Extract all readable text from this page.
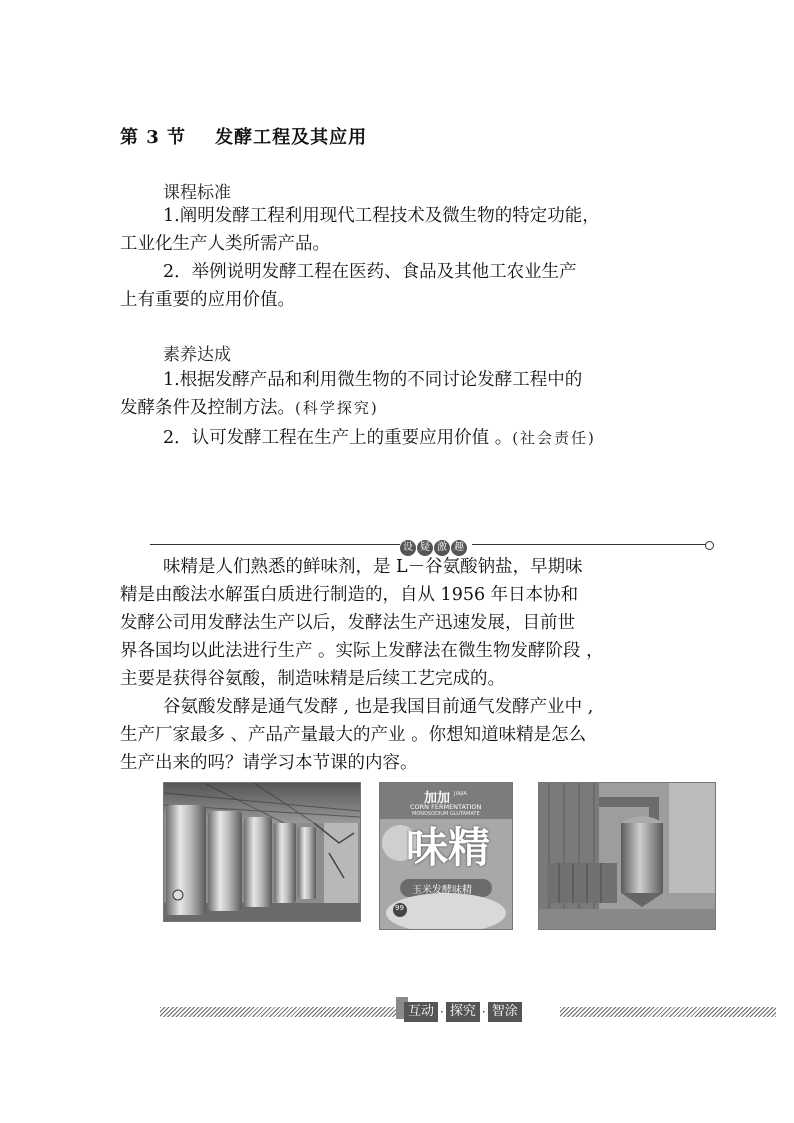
第 3 节 发酵工程及其应用
课程标准
1.阐明发酵工程利用现代工程技术及微生物的特定功能，
工业化生产人类所需产品。
2．举例说明发酵工程在医药、食品及其他工农业生产
上有重要的应用价值。
素养达成
1.根据发酵产品和利用微生物的不同讨论发酵工程中的
发酵条件及控制方法。(科学探究)
2．认可发酵工程在生产上的重要应用价值 。(社会责任)
设 疑 激 趣
味精是人们熟悉的鲜味剂，是 L－谷氨酸钠盐，早期味
精是由酸法水解蛋白质进行制造的，自从 1956 年日本协和
发酵公司用发酵法生产以后，发酵法生产迅速发展，目前世
界各国均以此法进行生产 。实际上发酵法在微生物发酵阶段 ，
主要是获得谷氨酸，制造味精是后续工艺完成的。
谷氨酸发酵是通气发酵 , 也是我国目前通气发酵产业中 ,
生产厂家最多 、产品产量最大的产业 。你想知道味精是怎么
生产出来的吗？请学习本节课的内容。
加加 JIAJIA
CORN FERMENTATION
MONOSODIUM GLUTAMATE
味精
玉米发酵味精
99
互动 · 探究 · 智涂
